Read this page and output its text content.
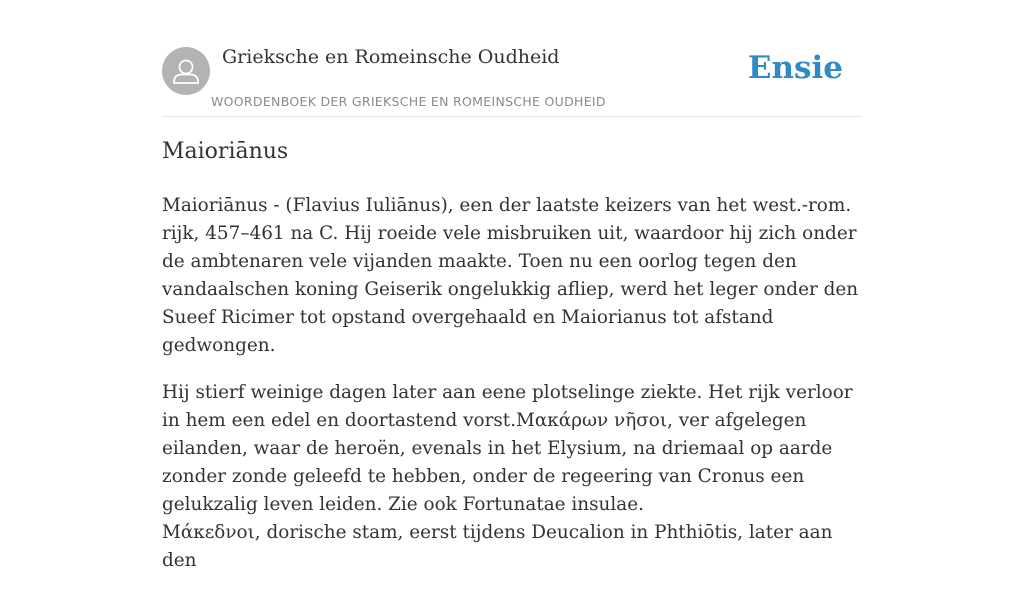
Grieksche en Romeinsche Oudheid
WOORDENBOEK DER GRIEKSCHE EN ROMEINSCHE OUDHEID
Ensie
Maioriānus

Maioriānus - (Flavius Iuliānus), een der laatste keizers van het west.-rom. rijk, 457–461 na C. Hij roeide vele misbruiken uit, waardoor hij zich onder de ambtenaren vele vijanden maakte. Toen nu een oorlog tegen den vandaalschen koning Geiserik ongelukkig afliep, werd het leger onder den Sueef Ricimer tot opstand overgehaald en Maiorianus tot afstand gedwongen.

Hij stierf weinige dagen later aan eene plotselinge ziekte. Het rijk verloor in hem een edel en doortastend vorst.Μακάρων νῆσοι, ver afgelegen eilanden, waar de heroën, evenals in het Elysium, na driemaal op aarde zonder zonde geleefd te hebben, onder de regeering van Cronus een gelukzalig leven leiden. Zie ook Fortunatae insulae.
Μάκεδνοι, dorische stam, eerst tijdens Deucalion in Phthiōtis, later aan den
